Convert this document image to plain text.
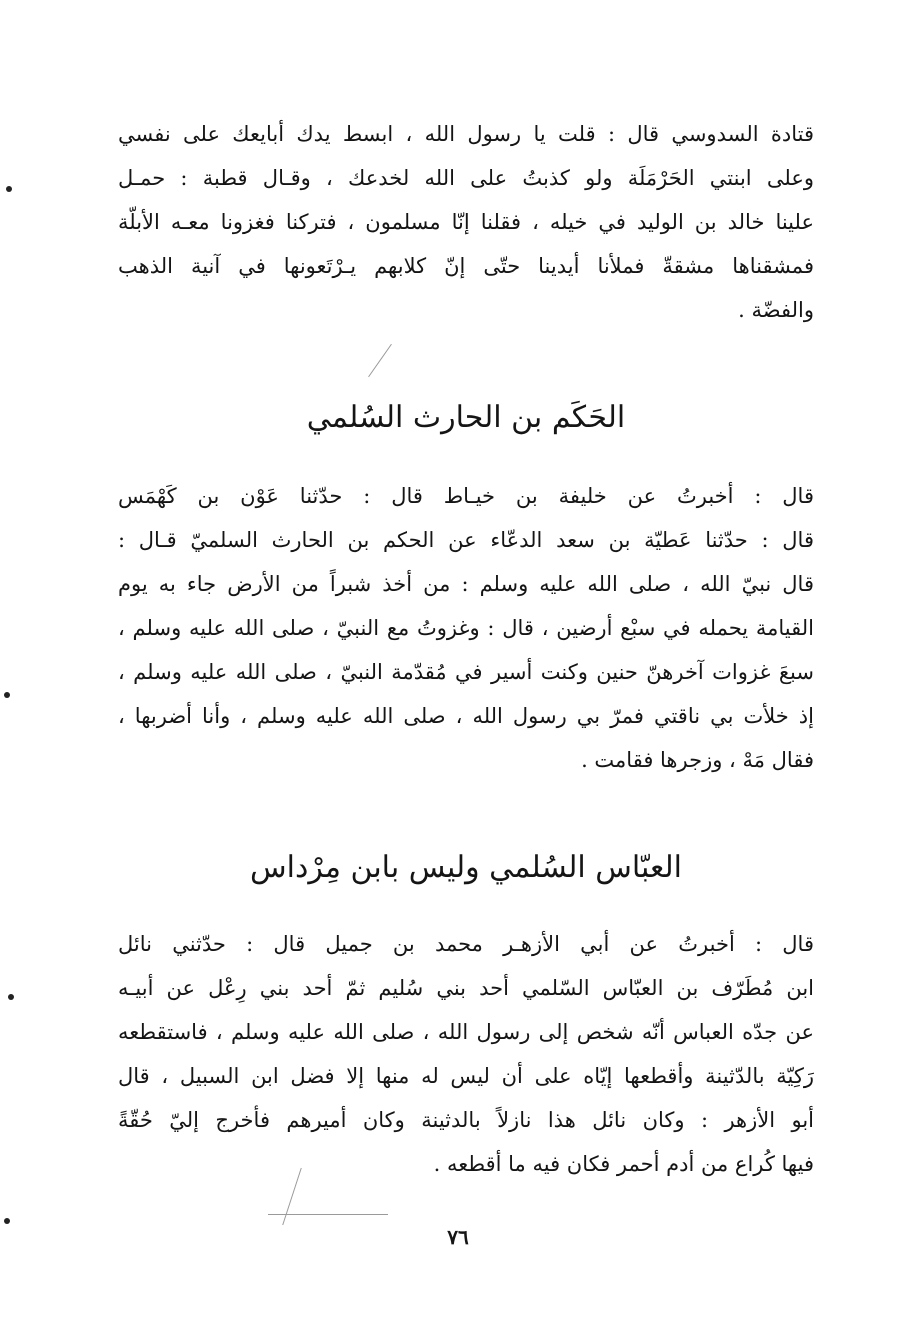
قتادة السدوسي قال : قلت يا رسول الله ، ابسط يدك أبايعك على نفسي
وعلى ابنتي الحَرْمَلَة ولو كذبتُ على الله لخدعك ، وقـال قطبة : حمـل
علينا خالد بن الوليد في خيله ، فقلنا إنّا مسلمون ، فتركنا فغزونا معـه الأبلّة
فمشقناها مشقةّ فملأنا أيدينا حتّى إنّ كلابهم يـرْتَعونها في آنية الذهب
والفضّة .
الحَكَم بن الحارث السُلمي
قال : أخبرتُ عن خليفة بن خيـاط قال : حدّثنا عَوْن بن كَهْمَس
قال : حدّثنا عَطيّة بن سعد الدعّاء عن الحكم بن الحارث السلميّ قـال :
قال نبيّ الله ، صلى الله عليه وسلم : من أخذ شبراً من الأرض جاء به يوم
القيامة يحمله في سبْع أرضين ، قال : وغزوتُ مع النبيّ ، صلى الله عليه وسلم ،
سبعَ غزوات آخرهنّ حنين وكنت أسير في مُقدّمة النبيّ ، صلى الله عليه وسلم ،
إذ خلأت بي ناقتي فمرّ بي رسول الله ، صلى الله عليه وسلم ، وأنا أضربها ،
فقال مَهْ ، وزجرها فقامت .
العبّاس السُلمي وليس بابن مِرْداس
قال : أخبرتُ عن أبي الأزهـر محمد بن جميل قال : حدّثني نائل
ابن مُطَرّف بن العبّاس السّلمي أحد بني سُليم ثمّ أحد بني رِعْل عن أبيـه
عن جدّه العباس أنّه شخص إلى رسول الله ، صلى الله عليه وسلم ، فاستقطعه
رَكِيّة بالدّثينة وأقطعها إيّاه على أن ليس له منها إلا فضل ابن السبيل ، قال
أبو الأزهر : وكان نائل هذا نازلاً بالدثينة وكان أميرهم فأخرج إليّ حُقّةً
فيها كُراع من أدم أحمر فكان فيه ما أقطعه .
٧٦
